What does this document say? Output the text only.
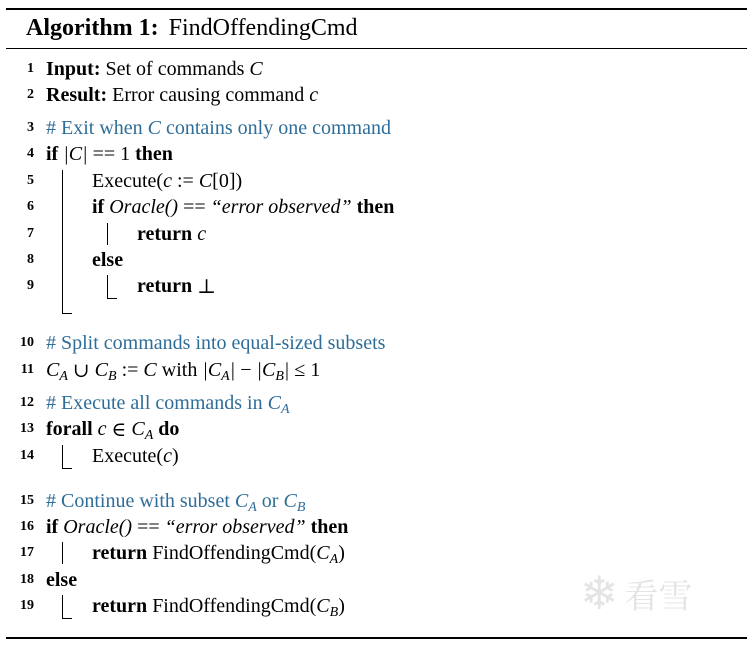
Algorithm 1: FindOffendingCmd
1 Input: Set of commands C
2 Result: Error causing command c
3 # Exit when C contains only one command
4 if |C| == 1 then
5	Execute(c := C[0])
6	if Oracle() == “error observed” then
7	return c
8	else
9	return ⊥
10 # Split commands into equal-sized subsets
11 $C_A$ ∪ $C_B$ := C with $|C_A| - |C_B| \le 1$
12 # Execute all commands in $C_A$
13 forall c ∈ $C_A$ do
14	Execute(c)
15 # Continue with subset $C_A$ or $C_B$
16 if Oracle() == “error observed” then
17	return $FindOffendingCmd(C_A)$
18 else
19	return $FindOffendingCmd(C_B)$	❄ 看雪
